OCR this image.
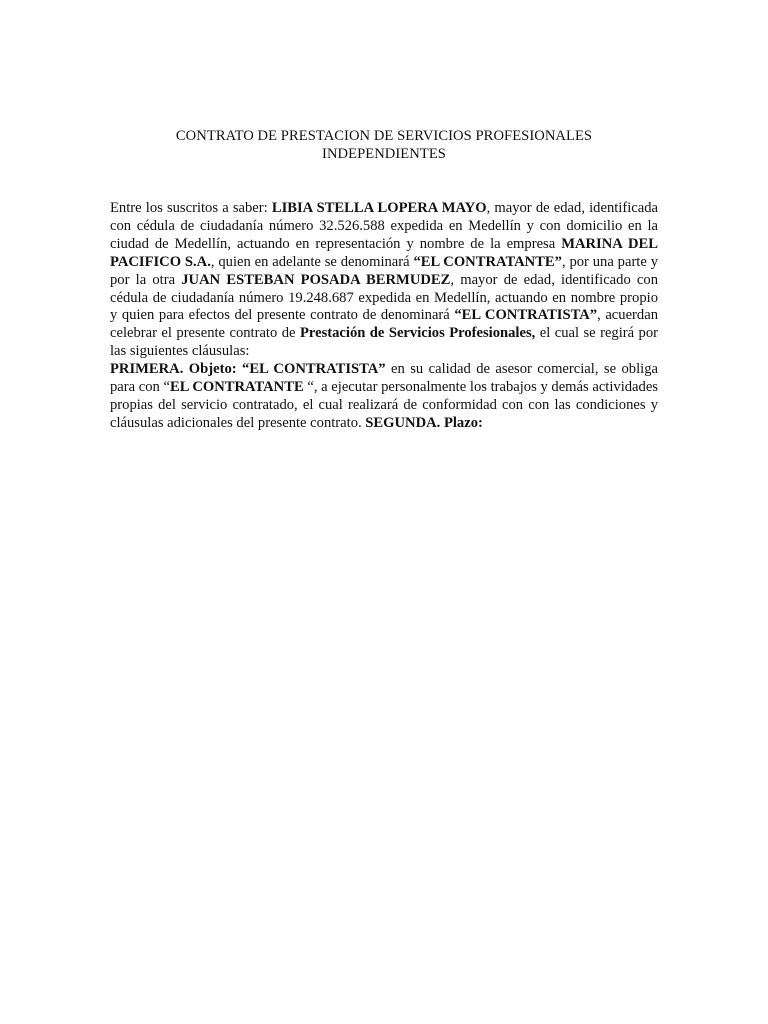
CONTRATO DE PRESTACION DE SERVICIOS PROFESIONALES
INDEPENDIENTES

Entre los suscritos a saber: LIBIA STELLA LOPERA MAYO, mayor de edad, identificada con cédula de ciudadanía número 32.526.588 expedida en Medellín y con domicilio en la ciudad de Medellín, actuando en representación y nombre de la empresa MARINA DEL PACIFICO S.A., quien en adelante se denominará “EL CONTRATANTE”, por una parte y por la otra JUAN ESTEBAN POSADA BERMUDEZ, mayor de edad, identificado con cédula de ciudadanía número 19.248.687 expedida en Medellín, actuando en nombre propio y quien para efectos del presente contrato de denominará “EL CONTRATISTA”, acuerdan celebrar el presente contrato de Prestación de Servicios Profesionales, el cual se regirá por las siguientes cláusulas:

PRIMERA. Objeto: “EL CONTRATISTA” en su calidad de asesor comercial, se obliga para con “EL CONTRATANTE “, a ejecutar personalmente los trabajos y demás actividades propias del servicio contratado, el cual realizará de conformidad con con las condiciones y cláusulas adicionales del presente contrato. SEGUNDA. Plazo:
